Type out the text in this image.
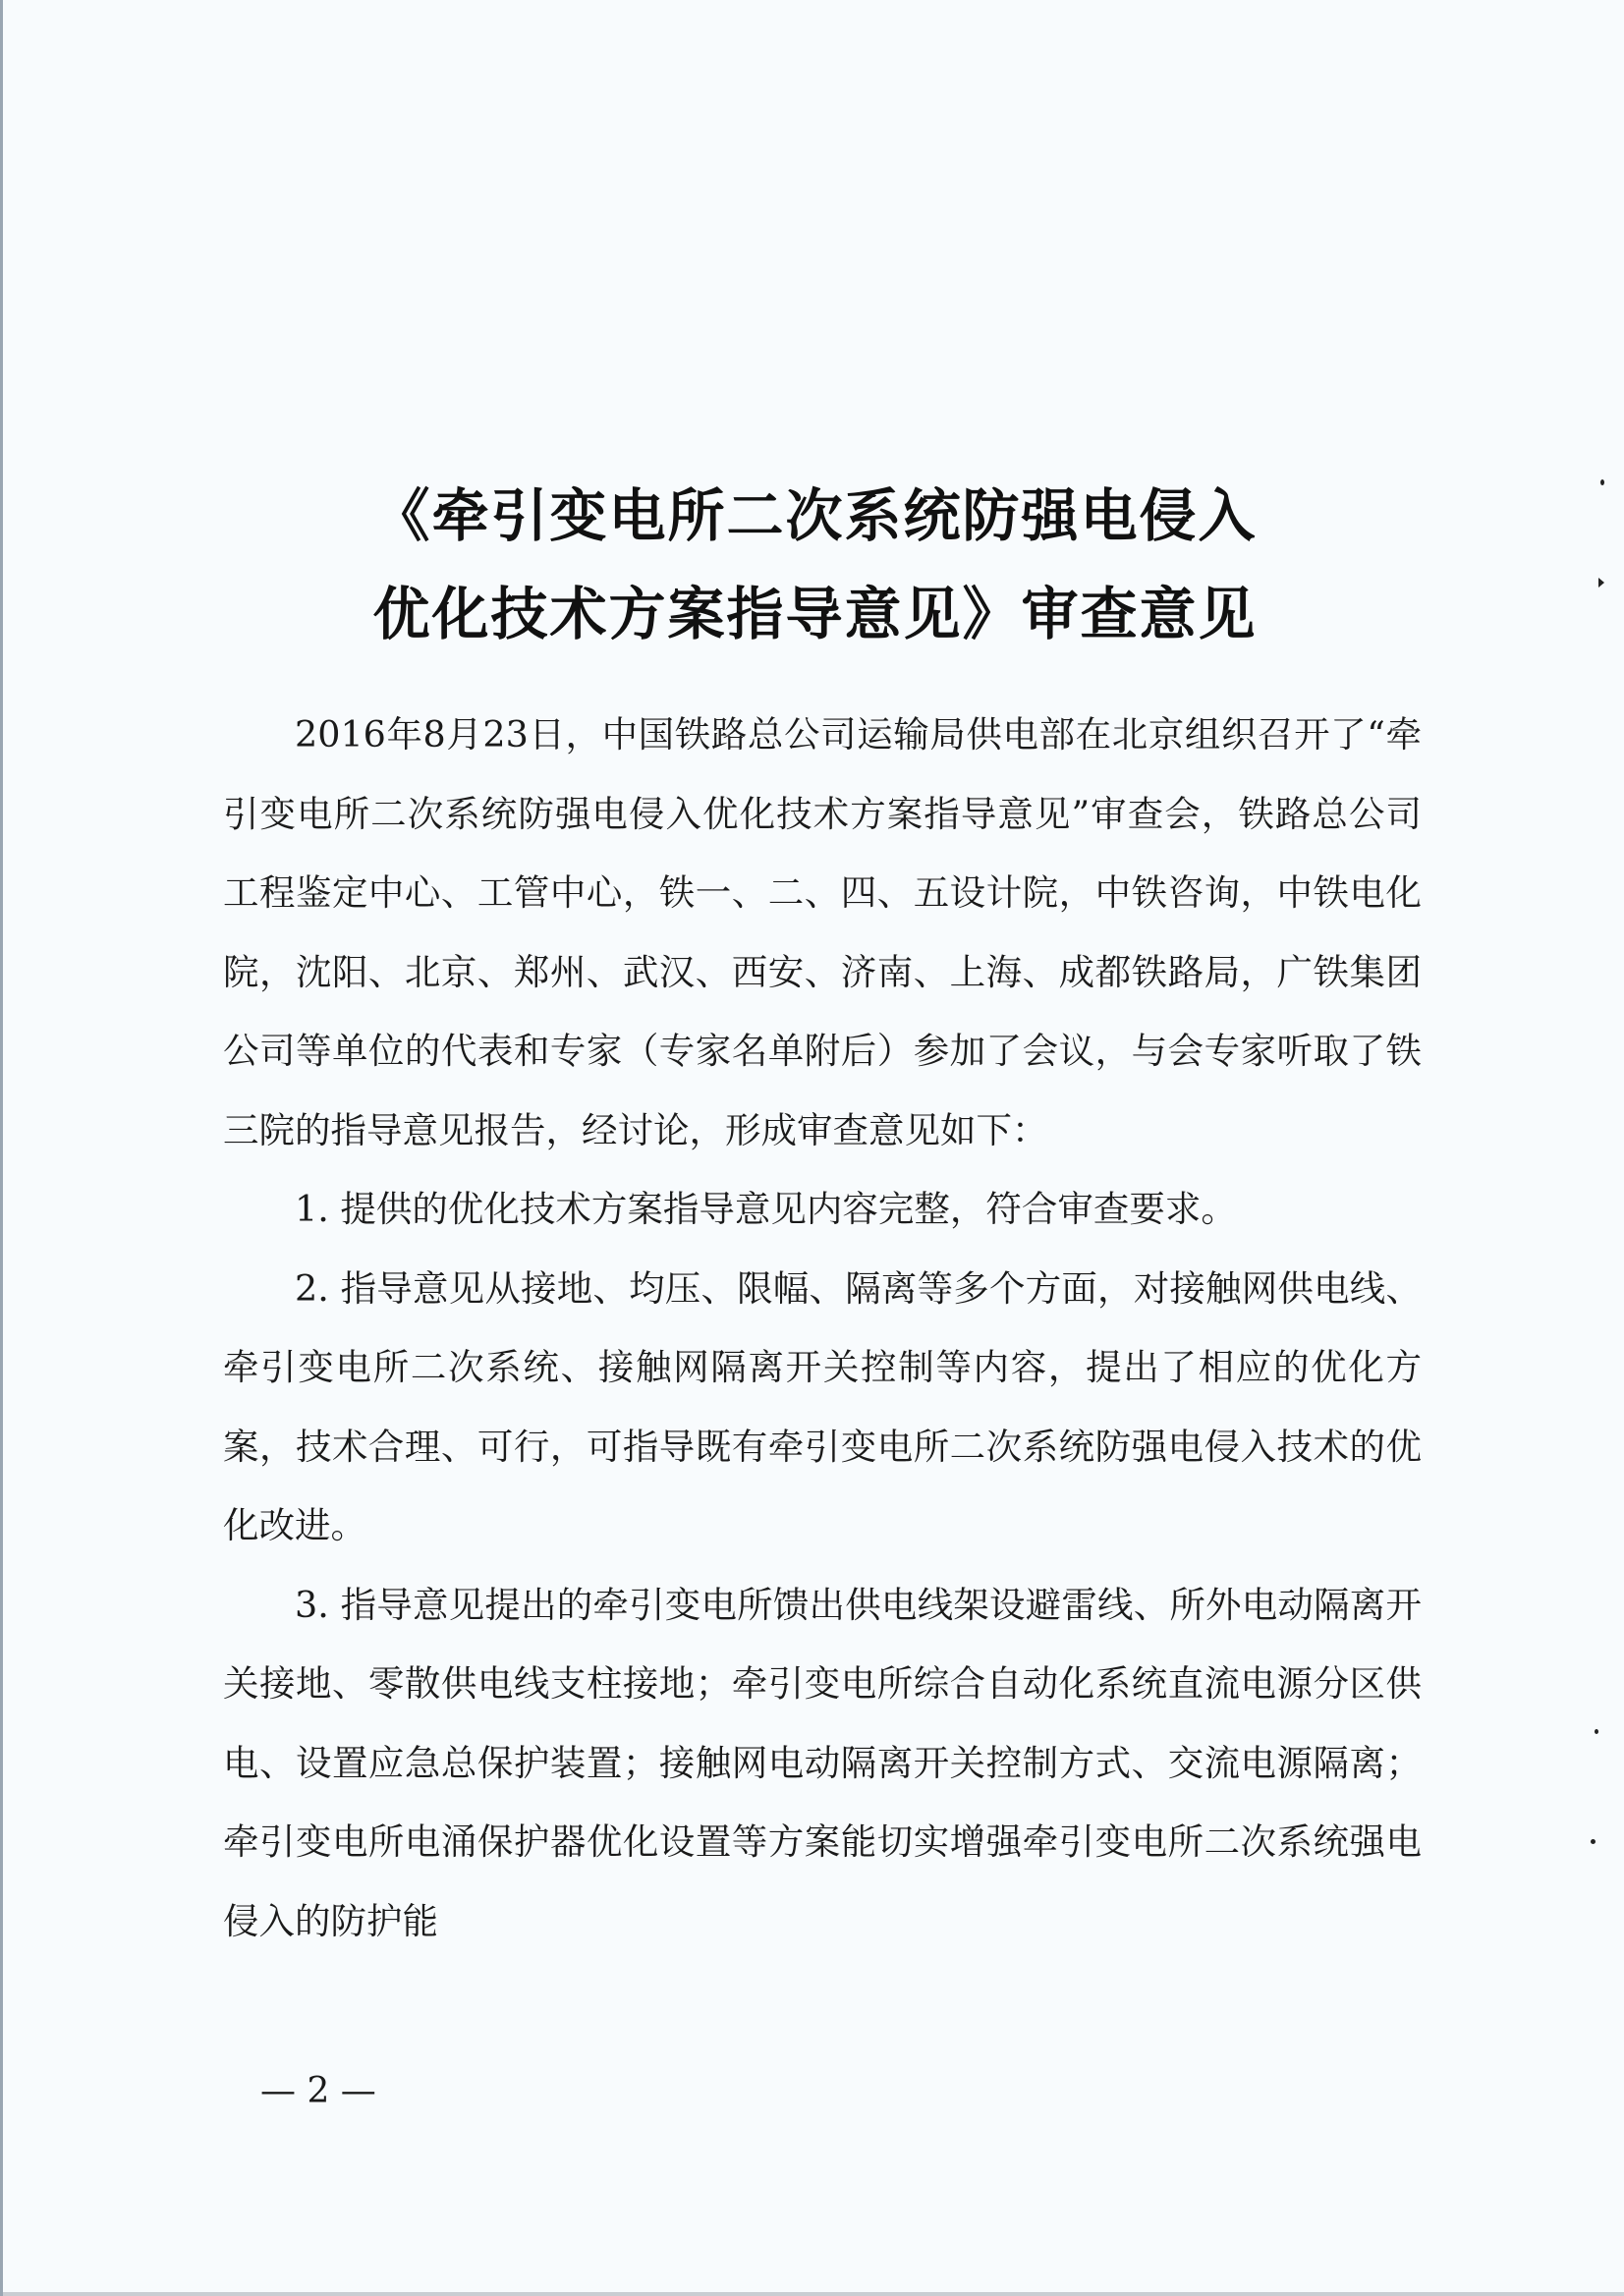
《牵引变电所二次系统防强电侵入
优化技术方案指导意见》审查意见

2016年8月23日，中国铁路总公司运输局供电部在北京组织召开了“牵引变电所二次系统防强电侵入优化技术方案指导意见”审查会，铁路总公司工程鉴定中心、工管中心，铁一、二、四、五设计院，中铁咨询，中铁电化院，沈阳、北京、郑州、武汉、西安、济南、上海、成都铁路局，广铁集团公司等单位的代表和专家（专家名单附后）参加了会议，与会专家听取了铁三院的指导意见报告，经讨论，形成审查意见如下：

1. 提供的优化技术方案指导意见内容完整，符合审查要求。

2. 指导意见从接地、均压、限幅、隔离等多个方面，对接触网供电线、牵引变电所二次系统、接触网隔离开关控制等内容，提出了相应的优化方案，技术合理、可行，可指导既有牵引变电所二次系统防强电侵入技术的优化改进。

3. 指导意见提出的牵引变电所馈出供电线架设避雷线、所外电动隔离开关接地、零散供电线支柱接地；牵引变电所综合自动化系统直流电源分区供电、设置应急总保护装置；接触网电动隔离开关控制方式、交流电源隔离；牵引变电所电涌保护器优化设置等方案能切实增强牵引变电所二次系统强电侵入的防护能

— 2 —
